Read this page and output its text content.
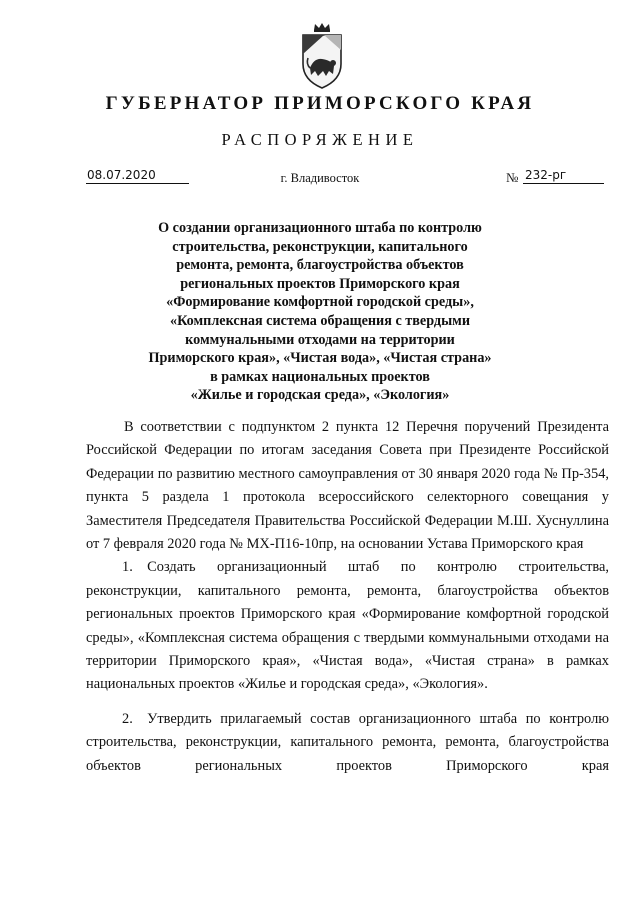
ГУБЕРНАТОР ПРИМОРСКОГО КРАЯ
РАСПОРЯЖЕНИЕ
08.07.2020	г. Владивосток	№ 232-рг
О создании организационного штаба по контролю
строительства, реконструкции, капитального
ремонта, ремонта, благоустройства объектов
региональных проектов Приморского края
«Формирование комфортной городской среды»,
«Комплексная система обращения с твердыми
коммунальными отходами на территории
Приморского края», «Чистая вода», «Чистая страна»
в рамках национальных проектов
«Жилье и городская среда», «Экология»

В соответствии с подпунктом 2 пункта 12 Перечня поручений Президента Российской Федерации по итогам заседания Совета при Президенте Российской Федерации по развитию местного самоуправления от 30 января 2020 года № Пр-354, пункта 5 раздела 1 протокола всероссийского селекторного совещания у Заместителя Председателя Правительства Российской Федерации М.Ш. Хуснуллина от 7 февраля 2020 года № МХ-П16-10пр, на основании Устава Приморского края

1. Создать организационный штаб по контролю строительства, реконструкции, капитального ремонта, ремонта, благоустройства объектов региональных проектов Приморского края «Формирование комфортной городской среды», «Комплексная система обращения с твердыми коммунальными отходами на территории Приморского края», «Чистая вода», «Чистая страна» в рамках национальных проектов «Жилье и городская среда», «Экология».

2. Утвердить прилагаемый состав организационного штаба по контролю строительства, реконструкции, капитального ремонта, ремонта, благоустройства объектов региональных проектов Приморского края
